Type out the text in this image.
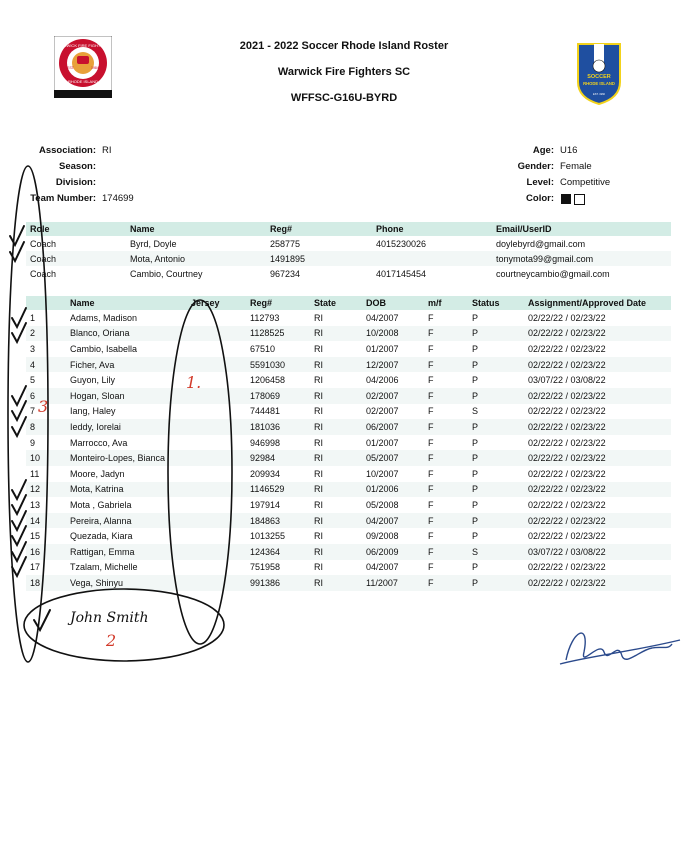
2021 - 2022 Soccer Rhode Island Roster
Warwick Fire Fighters SC
WFFSC-G16U-BYRD
WARWICK FIRE FIGHTERS
EST.	1984
RHODE ISLAND
SOCCER
RHODE ISLAND
EST. 1960
Association: RI
Season:
Division:
Team Number: 174699
Age: U16
Gender: Female
Level: Competitive
Color:
Role	Name	Reg#	Phone	Email/UserID
Coach	Byrd, Doyle	258775	4015230026	doylebyrd@gmail.com
Coach	Mota, Antonio	1491895		tonymota99@gmail.com
Coach	Cambio, Courtney	967234	4017145454	courtneycambio@gmail.com
	Name	Jersey	Reg#	State	DOB	m/f	Status	Assignment/Approved Date
1	Adams, Madison		112793	RI	04/2007	F	P	02/22/22 / 02/23/22
2	Blanco, Oriana		1128525	RI	10/2008	F	P	02/22/22 / 02/23/22
3	Cambio, Isabella		67510	RI	01/2007	F	P	02/22/22 / 02/23/22
4	Ficher, Ava		5591030	RI	12/2007	F	P	02/22/22 / 02/23/22
5	Guyon, Lily		1206458	RI	04/2006	F	P	03/07/22 / 03/08/22
6	Hogan, Sloan		178069	RI	02/2007	F	P	02/22/22 / 02/23/22
7	Iang, Haley		744481	RI	02/2007	F	S	02/22/22 / 02/23/22
8	Ieddy, Iorelai		181036	RI	06/2007	F	P	02/22/22 / 02/23/22
9	Marrocco, Ava		946998	RI	01/2007	F	P	02/22/22 / 02/23/22
10	Monteiro-Lopes, Bianca		92984	RI	05/2007	F	P	02/22/22 / 02/23/22
11	Moore, Jadyn		209934	RI	10/2007	F	P	02/22/22 / 02/23/22
12	Mota, Katrina		1146529	RI	01/2006	F	P	02/22/22 / 02/23/22
13	Mota , Gabriela		197914	RI	05/2008	F	P	02/22/22 / 02/23/22
14	Pereira, Alanna		184863	RI	04/2007	F	P	02/22/22 / 02/23/22
15	Quezada, Kiara		1013255	RI	09/2008	F	P	02/22/22 / 02/23/22
16	Rattigan, Emma		124364	RI	06/2009	F	S	03/07/22 / 03/08/22
17	Tzalam, Michelle		751958	RI	04/2007	F	P	02/22/22 / 02/23/22
18	Vega, Shinyu		991386	RI	11/2007	F	P	02/22/22 / 02/23/22
1.
2
3
John Smith
